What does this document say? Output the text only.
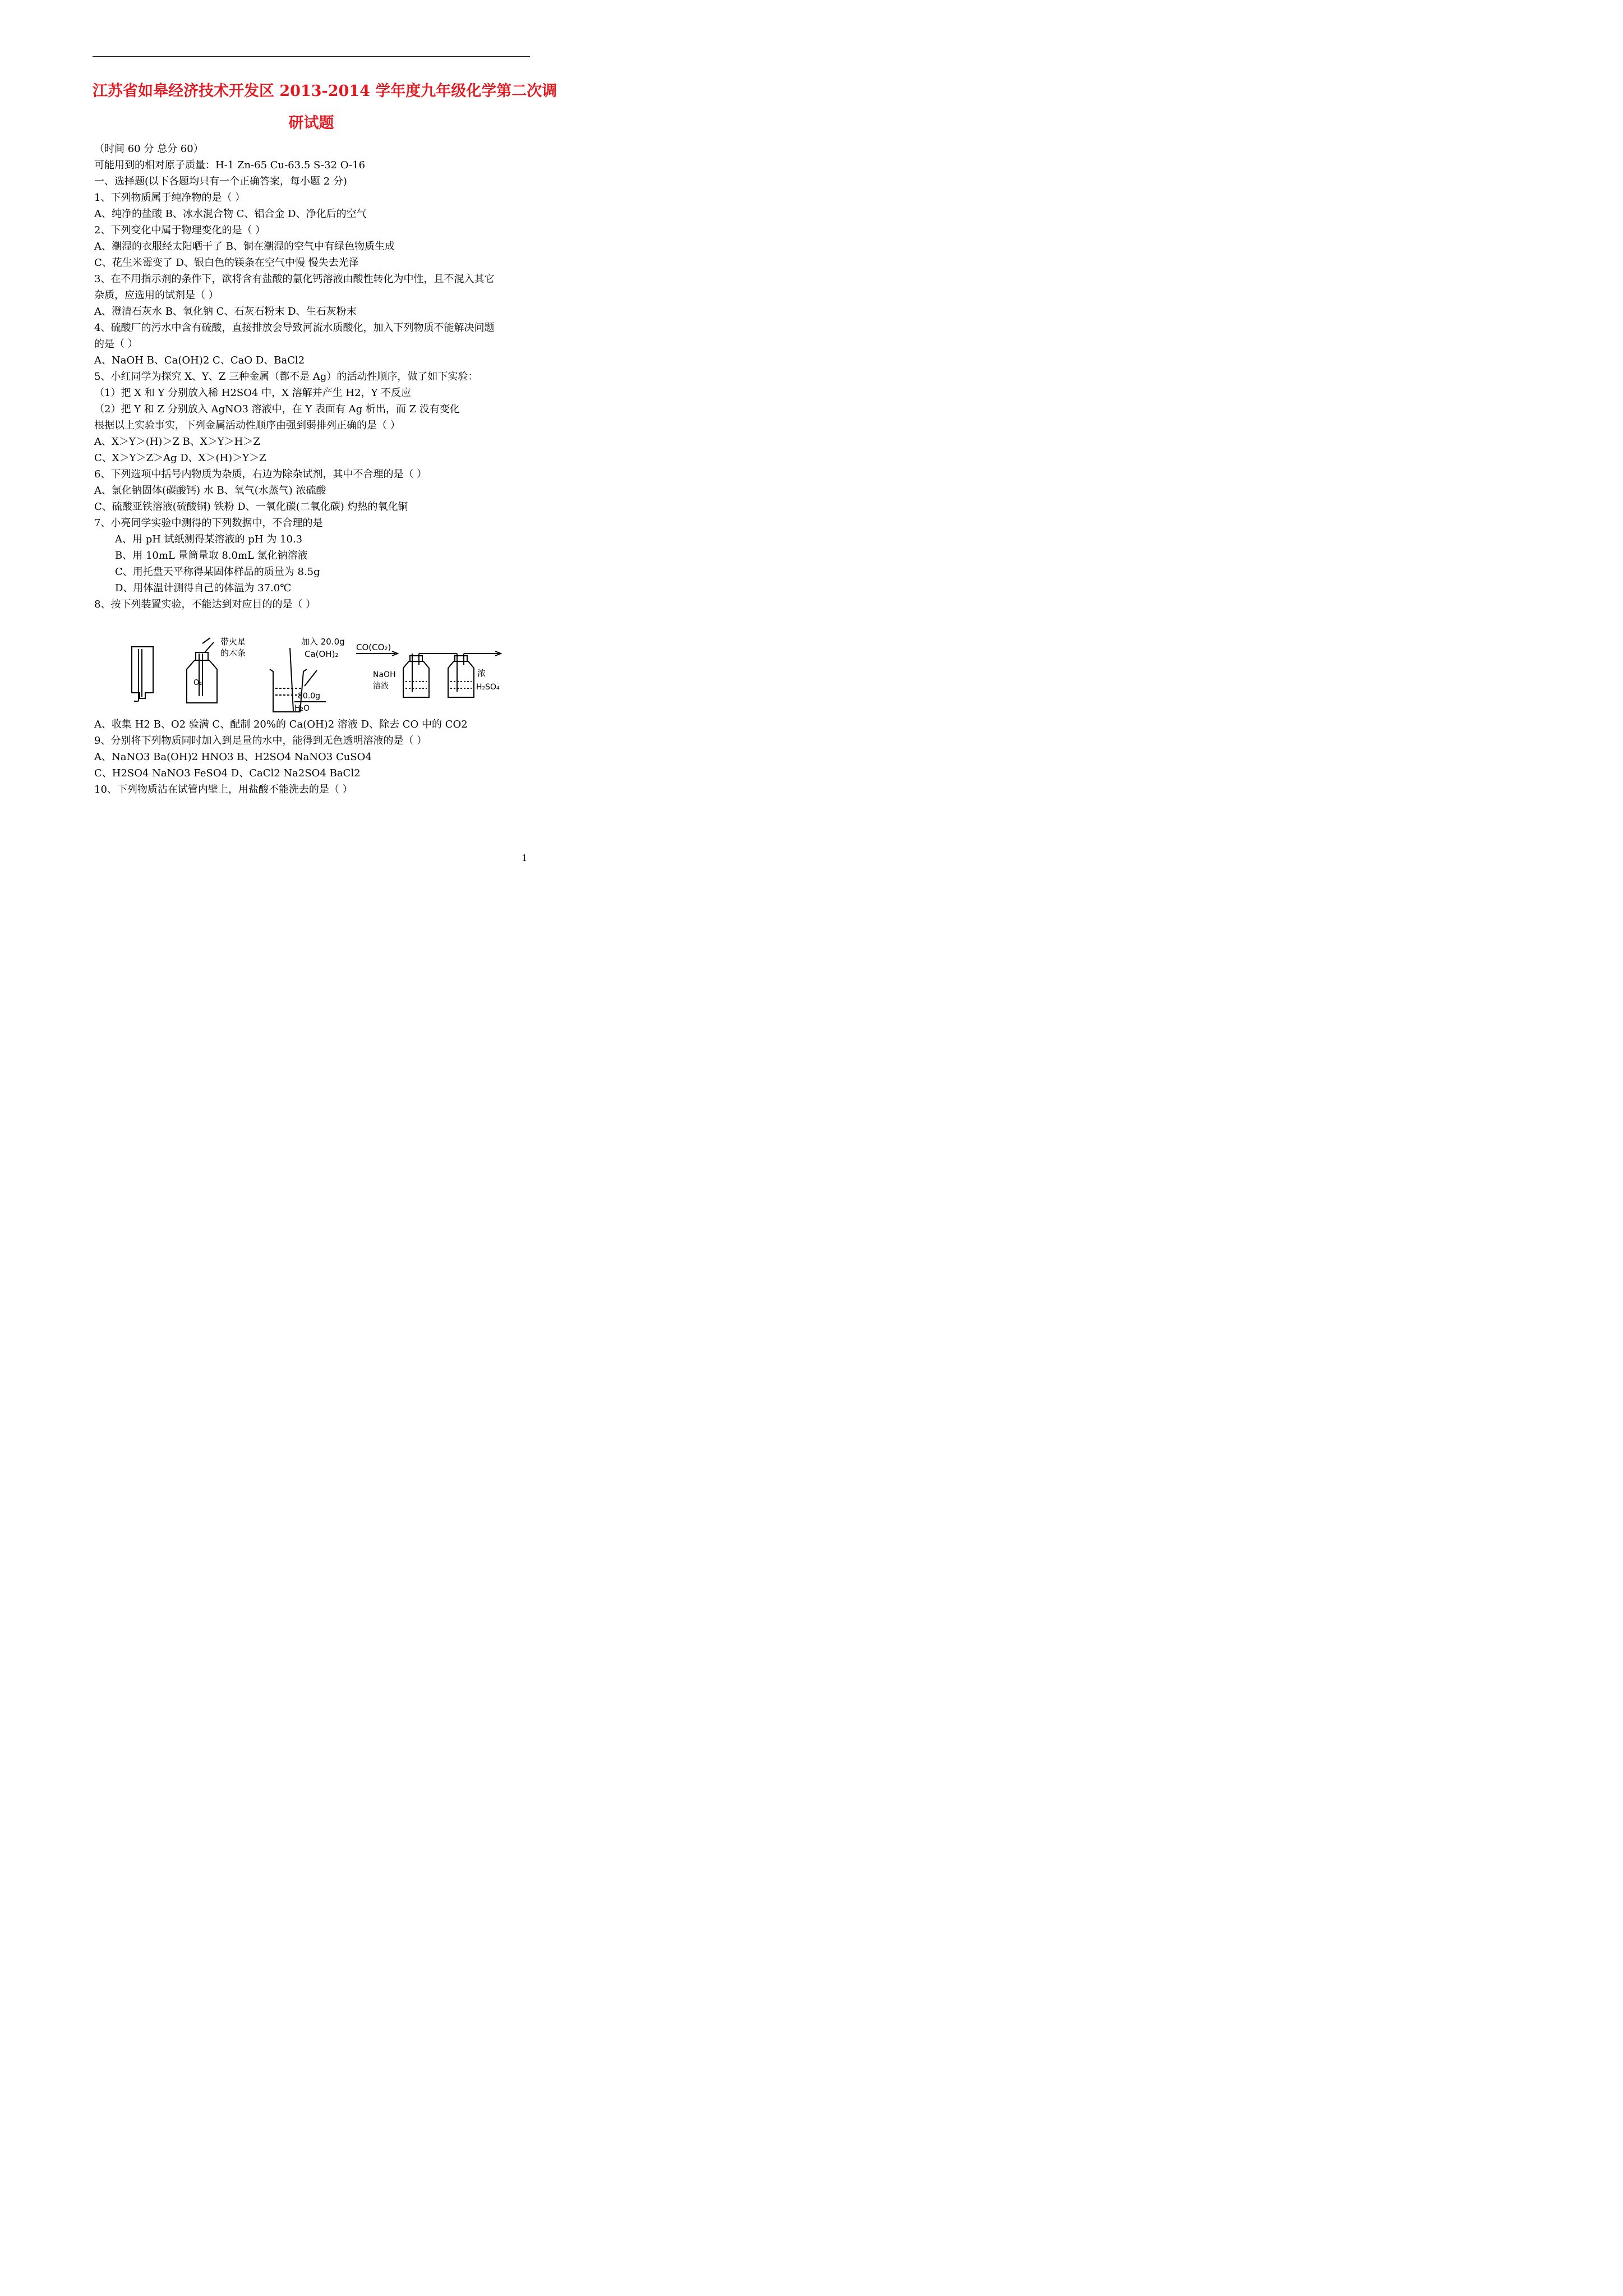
江苏省如皋经济技术开发区 2013-2014 学年度九年级化学第二次调
研试题
（时间 60 分 总分 60）
可能用到的相对原子质量：H-1 Zn-65 Cu-63.5 S-32 O-16
一、选择题(以下各题均只有一个正确答案，每小题 2 分)
1、下列物质属于纯净物的是（ ）
A、纯净的盐酸 B、冰水混合物 C、铝合金 D、净化后的空气
2、下列变化中属于物理变化的是（ ）
A、潮湿的衣服经太阳晒干了 B、铜在潮湿的空气中有绿色物质生成
C、花生米霉变了 D、银白色的镁条在空气中慢 慢失去光泽
3、在不用指示剂的条件下，欲将含有盐酸的氯化钙溶液由酸性转化为中性，且不混入其它
杂质，应选用的试剂是（ ）
A、澄清石灰水 B、氧化钠 C、石灰石粉末 D、生石灰粉末
4、硫酸厂的污水中含有硫酸，直接排放会导致河流水质酸化，加入下列物质不能解决问题
的是（ ）
A、NaOH B、Ca(OH)2 C、CaO D、BaCl2
5、小红同学为探究 X、Y、Z 三种金属（都不是 Ag）的活动性顺序，做了如下实验：
（1）把 X 和 Y 分别放入稀 H2SO4 中，X 溶解并产生 H2，Y 不反应
（2）把 Y 和 Z 分别放入 AgNO3 溶液中，在 Y 表面有 Ag 析出，而 Z 没有变化
根据以上实验事实，下列金属活动性顺序由强到弱排列正确的是（ ）
A、X＞Y＞(H)＞Z B、X＞Y＞H＞Z
C、X＞Y＞Z＞Ag D、X＞(H)＞Y＞Z
6、下列选项中括号内物质为杂质，右边为除杂试剂，其中不合理的是（ ）
A、氯化钠固体(碳酸钙) 水 B、氧气(水蒸气) 浓硫酸
C、硫酸亚铁溶液(硫酸铜) 铁粉 D、一氧化碳(二氧化碳) 灼热的氧化铜
7、小亮同学实验中测得的下列数据中，不合理的是
A、用 pH 试纸测得某溶液的 pH 为 10.3
B、用 10mL 量筒量取 8.0mL 氯化钠溶液
C、用托盘天平称得某固体样品的质量为 8.5g
D、用体温计测得自己的体温为 37.0℃
8、按下列装置实验，不能达到对应目的的是（ ）
O₂
带火星
的木条
加入 20.0g
Ca(OH)₂
80.0g
H₂O
CO(CO₂)
NaOH
溶液
浓
H₂SO₄
A、收集 H2 B、O2 验满 C、配制 20%的 Ca(OH)2 溶液 D、除去 CO 中的 CO2
9、分别将下列物质同时加入到足量的水中，能得到无色透明溶液的是（ ）
A、NaNO3 Ba(OH)2 HNO3 B、H2SO4 NaNO3 CuSO4
C、H2SO4 NaNO3 FeSO4 D、CaCl2 Na2SO4 BaCl2
10、下列物质沾在试管内壁上，用盐酸不能洗去的是（ ）
1
